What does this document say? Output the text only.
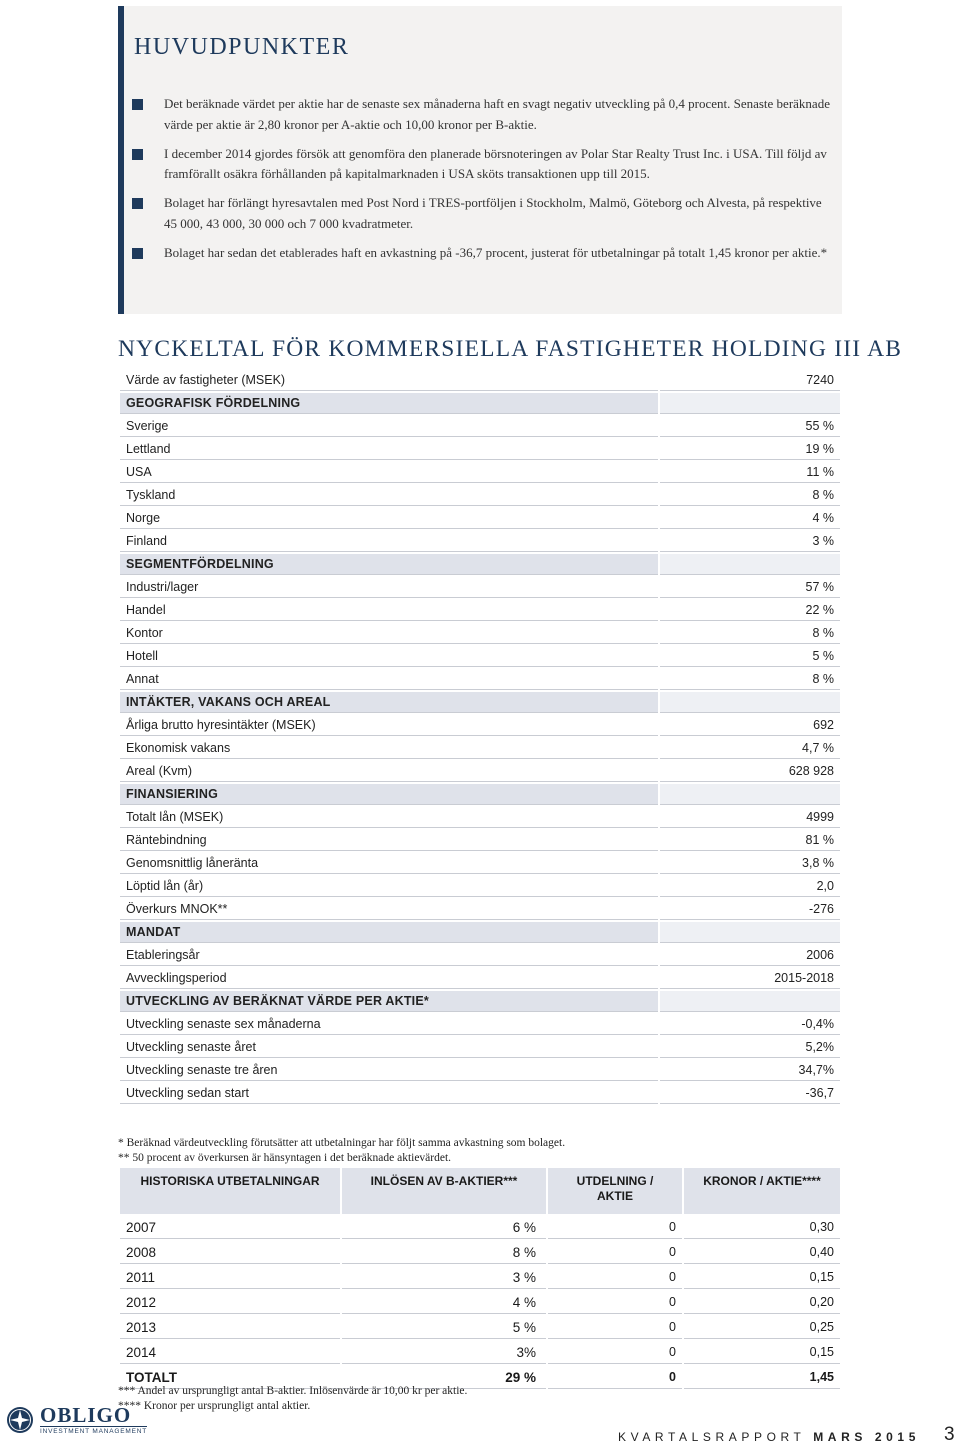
HUVUDPUNKTER
Det beräknade värdet per aktie har de senaste sex månaderna haft en svagt negativ utveckling på 0,4 procent. Senaste beräknade värde per aktie är 2,80 kronor per A-aktie och 10,00 kronor per B-aktie.
I december 2014 gjordes försök att genomföra den planerade börsnoteringen av Polar Star Realty Trust Inc. i USA. Till följd av framförallt osäkra förhållanden på kapitalmarknaden i USA sköts transaktionen upp till 2015.
Bolaget har förlängt hyresavtalen med Post Nord i TRES-portföljen i Stockholm, Malmö, Göteborg och Alvesta, på respektive 45 000, 43 000, 30 000 och 7 000 kvadratmeter.
Bolaget har sedan det etablerades haft en avkastning på -36,7 procent, justerat för utbetalningar på totalt 1,45 kronor per aktie.*
NYCKELTAL FÖR KOMMERSIELLA FASTIGHETER HOLDING III AB
Värde av fastigheter (MSEK)	7240
GEOGRAFISK FÖRDELNING	
Sverige	55 %
Lettland	19 %
USA	11 %
Tyskland	8 %
Norge	4 %
Finland	3 %
SEGMENTFÖRDELNING	
Industri/lager	57 %
Handel	22 %
Kontor	8 %
Hotell	5 %
Annat	8 %
INTÄKTER, VAKANS OCH AREAL	
Årliga brutto hyresintäkter (MSEK)	692
Ekonomisk vakans	4,7 %
Areal (Kvm)	628 928
FINANSIERING	
Totalt lån (MSEK)	4999
Räntebindning	81 %
Genomsnittlig låneränta	3,8 %
Löptid lån (år)	2,0
Överkurs MNOK**	-276
MANDAT	
Etableringsår	2006
Avvecklingsperiod	2015-2018
UTVECKLING AV BERÄKNAT VÄRDE PER AKTIE*	
Utveckling senaste sex månaderna	-0,4%
Utveckling senaste året	5,2%
Utveckling senaste tre åren	34,7%
Utveckling sedan start	-36,7
* Beräknad värdeutveckling förutsätter att utbetalningar har följt samma avkastning som bolaget.
** 50 procent av överkursen är hänsyntagen i det beräknade aktievärdet.
HISTORISKA UTBETALNINGAR	INLÖSEN AV B-AKTIER***	UTDELNING / AKTIE	KRONOR / AKTIE****
2007	6 %	0	0,30
2008	8 %	0	0,40
2011	3 %	0	0,15
2012	4 %	0	0,20
2013	5 %	0	0,25
2014	3%	0	0,15
TOTALT	29 %	0	1,45
*** Andel av ursprungligt antal B-aktier. Inlösenvärde är 10,00 kr per aktie.
**** Kronor per ursprungligt antal aktier.
OBLIGO
INVESTMENT MANAGEMENT	KVARTALSRAPPORT MARS 2015 3
